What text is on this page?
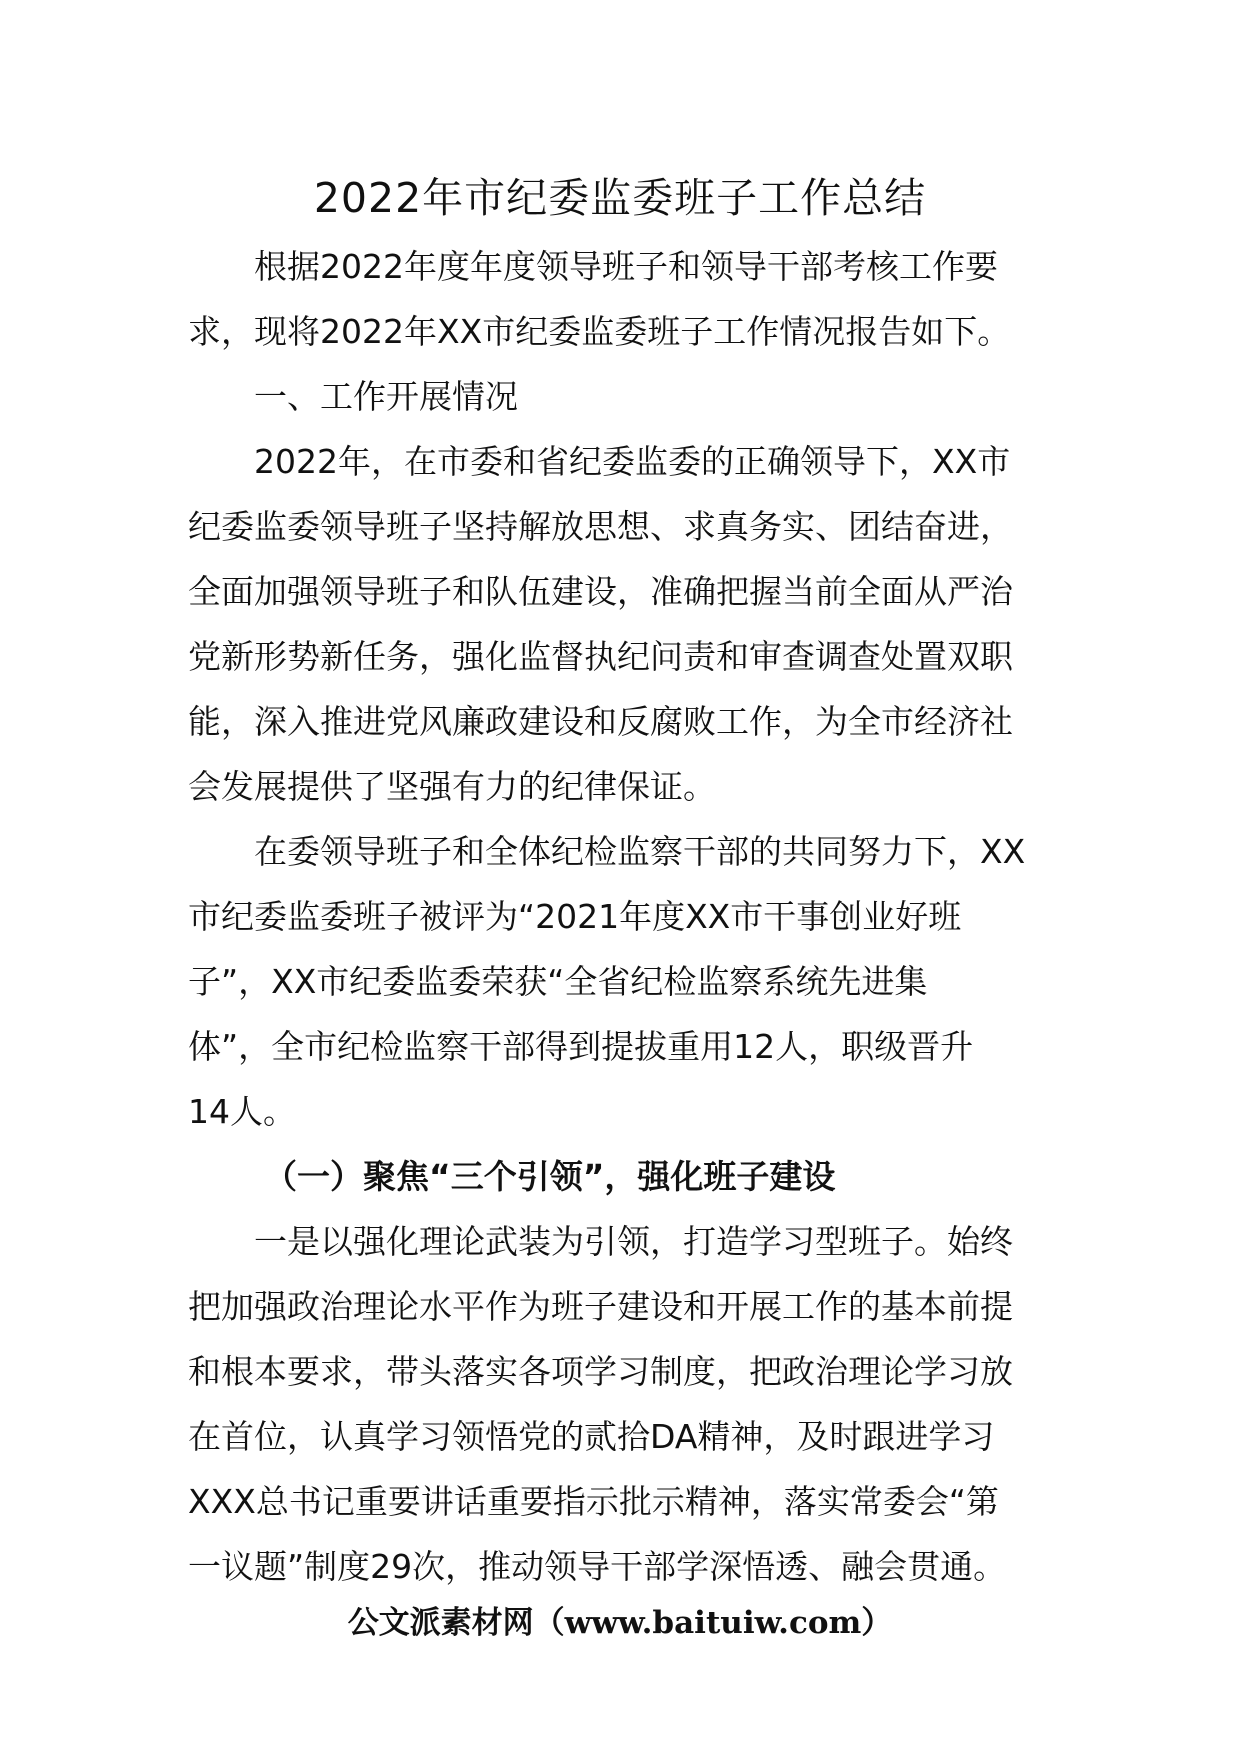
2022年市纪委监委班子工作总结
根据2022年度年度领导班子和领导干部考核工作要
求，现将2022年XX市纪委监委班子工作情况报告如下。
一、工作开展情况
2022年，在市委和省纪委监委的正确领导下，XX市
纪委监委领导班子坚持解放思想、求真务实、团结奋进，
全面加强领导班子和队伍建设，准确把握当前全面从严治
党新形势新任务，强化监督执纪问责和审查调查处置双职
能，深入推进党风廉政建设和反腐败工作，为全市经济社
会发展提供了坚强有力的纪律保证。
在委领导班子和全体纪检监察干部的共同努力下，XX
市纪委监委班子被评为“2021年度XX市干事创业好班
子”，XX市纪委监委荣获“全省纪检监察系统先进集
体”，全市纪检监察干部得到提拔重用12人，职级晋升
14人。
（一）聚焦“三个引领”，强化班子建设
一是以强化理论武装为引领，打造学习型班子。始终
把加强政治理论水平作为班子建设和开展工作的基本前提
和根本要求，带头落实各项学习制度，把政治理论学习放
在首位，认真学习领悟党的贰拾DA精神，及时跟进学习
XXX总书记重要讲话重要指示批示精神，落实常委会“第
一议题”制度29次，推动领导干部学深悟透、融会贯通。
公文派素材网（www.baituiw.com）
